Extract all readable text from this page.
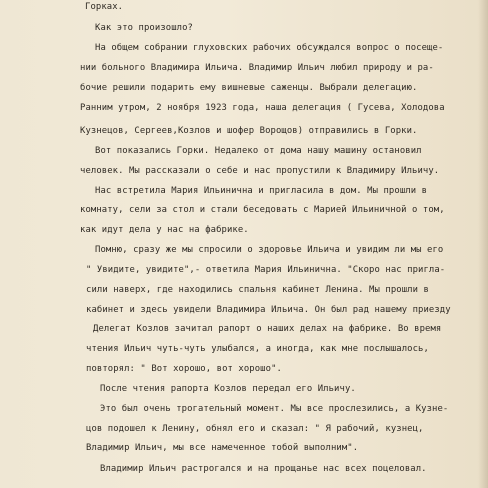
Горках.
Как это произошло?
На общем собрании глуховских рабочих обсуждался вопрос о посеще-
нии больного Владимира Ильича. Владимир Ильич любил природу и ра-
бочие решили подарить ему вишневые саженцы. Выбрали делегацию.
Ранним утром, 2 ноября 1923 года, наша делегация ( Гусева, Холодова
Кузнецов, Сергеев,Козлов и шофер Ворощов) отправились в Горки.
Вот показались Горки. Недалеко от дома нашу машину остановил
человек. Мы рассказали о себе и нас пропустили к Владимиру Ильичу.
Нас встретила Мария Ильинична и пригласила в дом. Мы прошли в
комнату, сели за стол и стали беседовать с Марией Ильиничной о том,
как идут дела у нас на фабрике.
Помню, сразу же мы спросили о здоровье Ильича и увидим ли мы его
" Увидите, увидите",- ответила Мария Ильинична. "Скоро нас пригла-
сили наверх, где находились спальня кабинет Ленина. Мы прошли в
кабинет и здесь увидели Владимира Ильича. Он был рад нашему приезду
Делегат Козлов зачитал рапорт о наших делах на фабрике. Во время
чтения Ильич чуть-чуть улыбался, а иногда, как мне послышалось,
повторял: " Вот хорошо, вот хорошо".
После чтения рапорта Козлов передал его Ильичу.
Это был очень трогательный момент. Мы все прослезились, а Кузне-
цов подошел к Ленину, обнял его и сказал: " Я рабочий, кузнец,
Владимир Ильич, мы все намеченное тобой выполним".
Владимир Ильич растрогался и на прощанье нас всех поцеловал.
